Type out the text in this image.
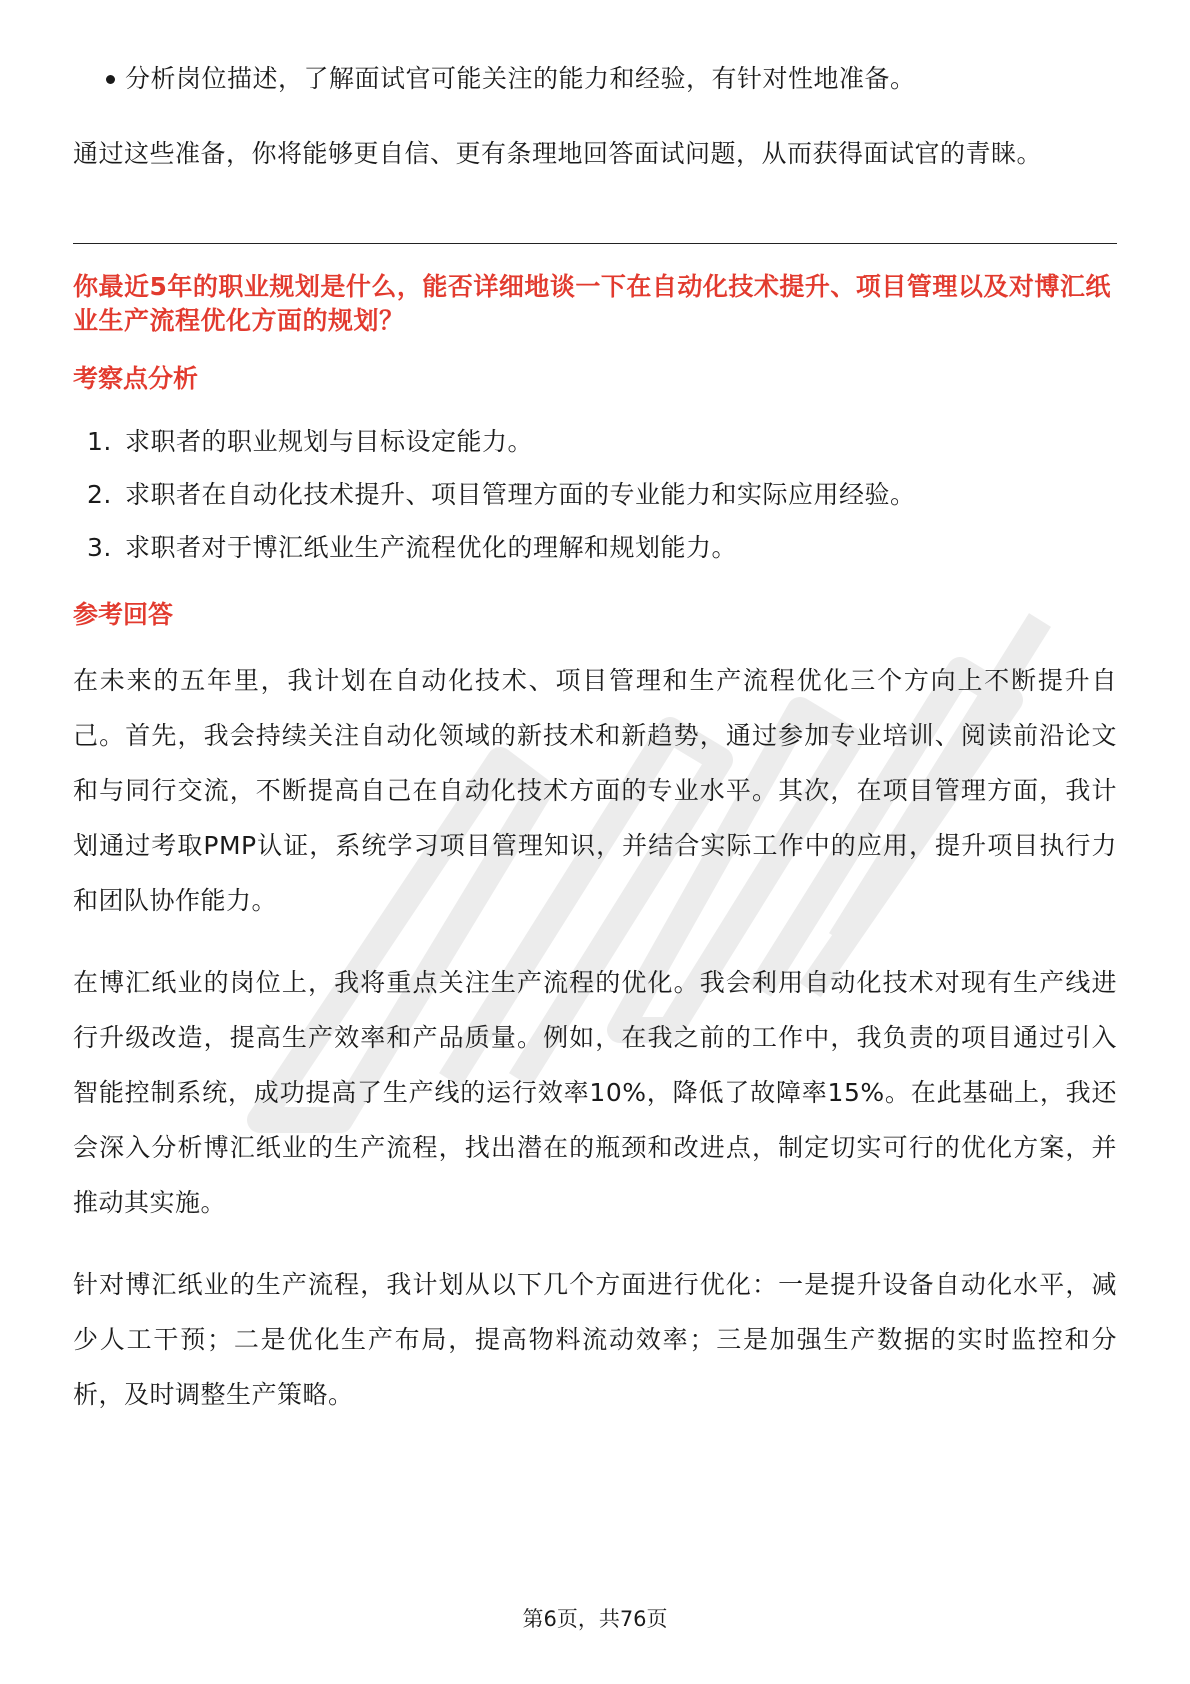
分析岗位描述，了解面试官可能关注的能力和经验，有针对性地准备。

通过这些准备，你将能够更自信、更有条理地回答面试问题，从而获得面试官的青睐。

你最近5年的职业规划是什么，能否详细地谈一下在自动化技术提升、项目管理以及对博汇纸业生产流程优化方面的规划？
考察点分析
1. 求职者的职业规划与目标设定能力。
2. 求职者在自动化技术提升、项目管理方面的专业能力和实际应用经验。
3. 求职者对于博汇纸业生产流程优化的理解和规划能力。
参考回答

在未来的五年里，我计划在自动化技术、项目管理和生产流程优化三个方向上不断提升自己。首先，我会持续关注自动化领域的新技术和新趋势，通过参加专业培训、阅读前沿论文和与同行交流，不断提高自己在自动化技术方面的专业水平。其次，在项目管理方面，我计划通过考取PMP认证，系统学习项目管理知识，并结合实际工作中的应用，提升项目执行力和团队协作能力。

在博汇纸业的岗位上，我将重点关注生产流程的优化。我会利用自动化技术对现有生产线进行升级改造，提高生产效率和产品质量。例如，在我之前的工作中，我负责的项目通过引入智能控制系统，成功提高了生产线的运行效率10%，降低了故障率15%。在此基础上，我还会深入分析博汇纸业的生产流程，找出潜在的瓶颈和改进点，制定切实可行的优化方案，并推动其实施。

针对博汇纸业的生产流程，我计划从以下几个方面进行优化：一是提升设备自动化水平，减少人工干预；二是优化生产布局，提高物料流动效率；三是加强生产数据的实时监控和分析，及时调整生产策略。

第6页，共76页
